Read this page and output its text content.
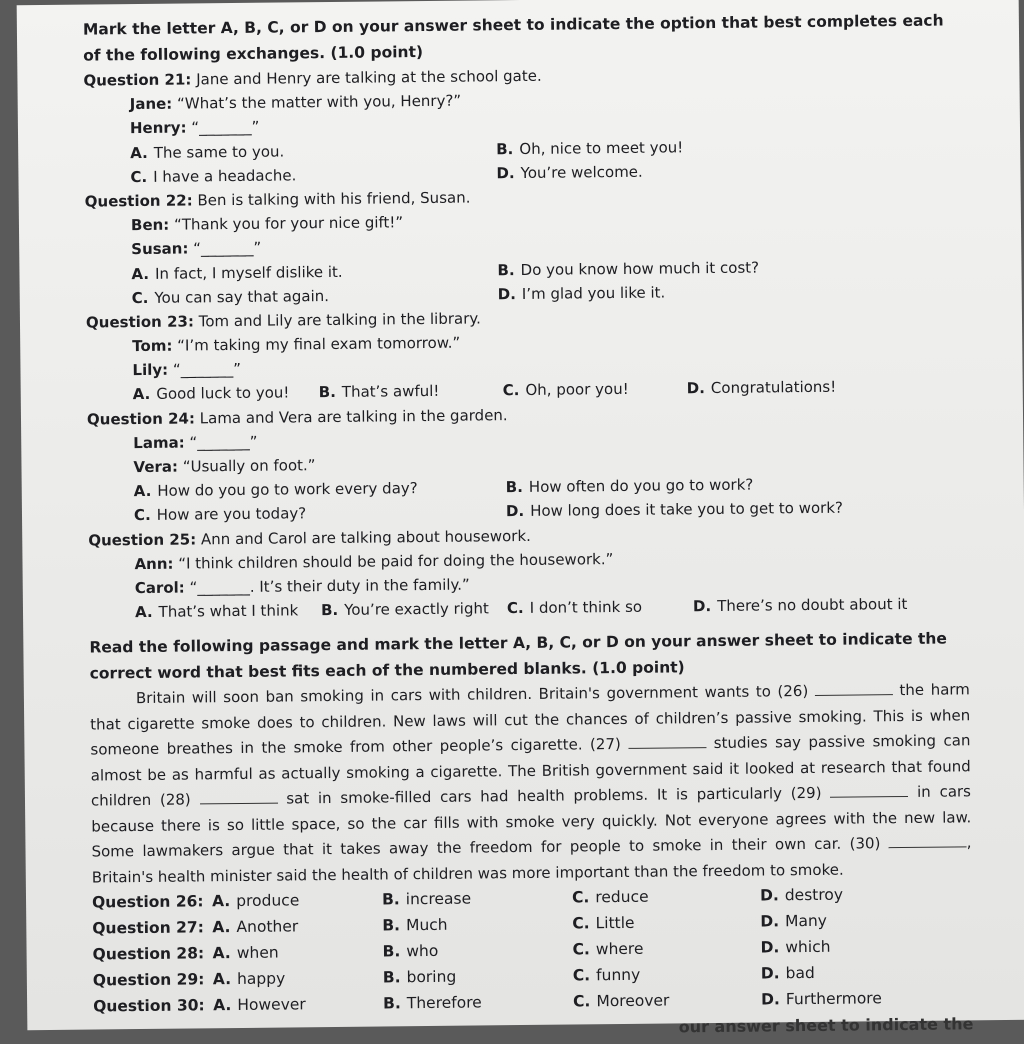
Mark the letter A, B, C, or D on your answer sheet to indicate the option that best completes each of the following exchanges. (1.0 point)
Question 21: Jane and Henry are talking at the school gate.
Jane: “What’s the matter with you, Henry?”
Henry: “_______”
A. The same to you.	B. Oh, nice to meet you!
C. I have a headache.	D. You’re welcome.
Question 22: Ben is talking with his friend, Susan.
Ben: “Thank you for your nice gift!”
Susan: “_______”
A. In fact, I myself dislike it.	B. Do you know how much it cost?
C. You can say that again.	D. I’m glad you like it.
Question 23: Tom and Lily are talking in the library.
Tom: “I’m taking my final exam tomorrow.”
Lily: “_______”
A. Good luck to you! B. That’s awful!	C. Oh, poor you!	D. Congratulations!
Question 24: Lama and Vera are talking in the garden.
Lama: “_______”
Vera: “Usually on foot.”
A. How do you go to work every day?	B. How often do you go to work?
C. How are you today?	D. How long does it take you to get to work?
Question 25: Ann and Carol are talking about housework.
Ann: “I think children should be paid for doing the housework.”
Carol: “_______. It’s their duty in the family.”
A. That’s what I think B. You’re exactly right C. I don’t think so	D. There’s no doubt about it
Read the following passage and mark the letter A, B, C, or D on your answer sheet to indicate the correct word that best fits each of the numbered blanks. (1.0 point)

Britain will soon ban smoking in cars with children. Britain's government wants to (26)	the harm that cigarette smoke does to children. New laws will cut the chances of children’s passive smoking. This is when someone breathes in the smoke from other people’s cigarette. (27)	studies say passive smoking can almost be as harmful as actually smoking a cigarette. The British government said it looked at research that found children (28)	sat in smoke-filled cars had health problems. It is particularly (29)	in cars because there is so little space, so the car fills with smoke very quickly. Not everyone agrees with the new law. Some lawmakers argue that it takes away the freedom for people to smoke in their own car. (30)	, Britain's health minister said the health of children was more important than the freedom to smoke.

Question 26: A. produce	B. increase	C. reduce	D. destroy
Question 27: A. Another	B. Much	C. Little	D. Many
Question 28: A. when	B. who	C. where	D. which
Question 29: A. happy	B. boring	C. funny	D. bad
Question 30: A. However	B. Therefore	C. Moreover	D. Furthermore
our answer sheet to indicate the
